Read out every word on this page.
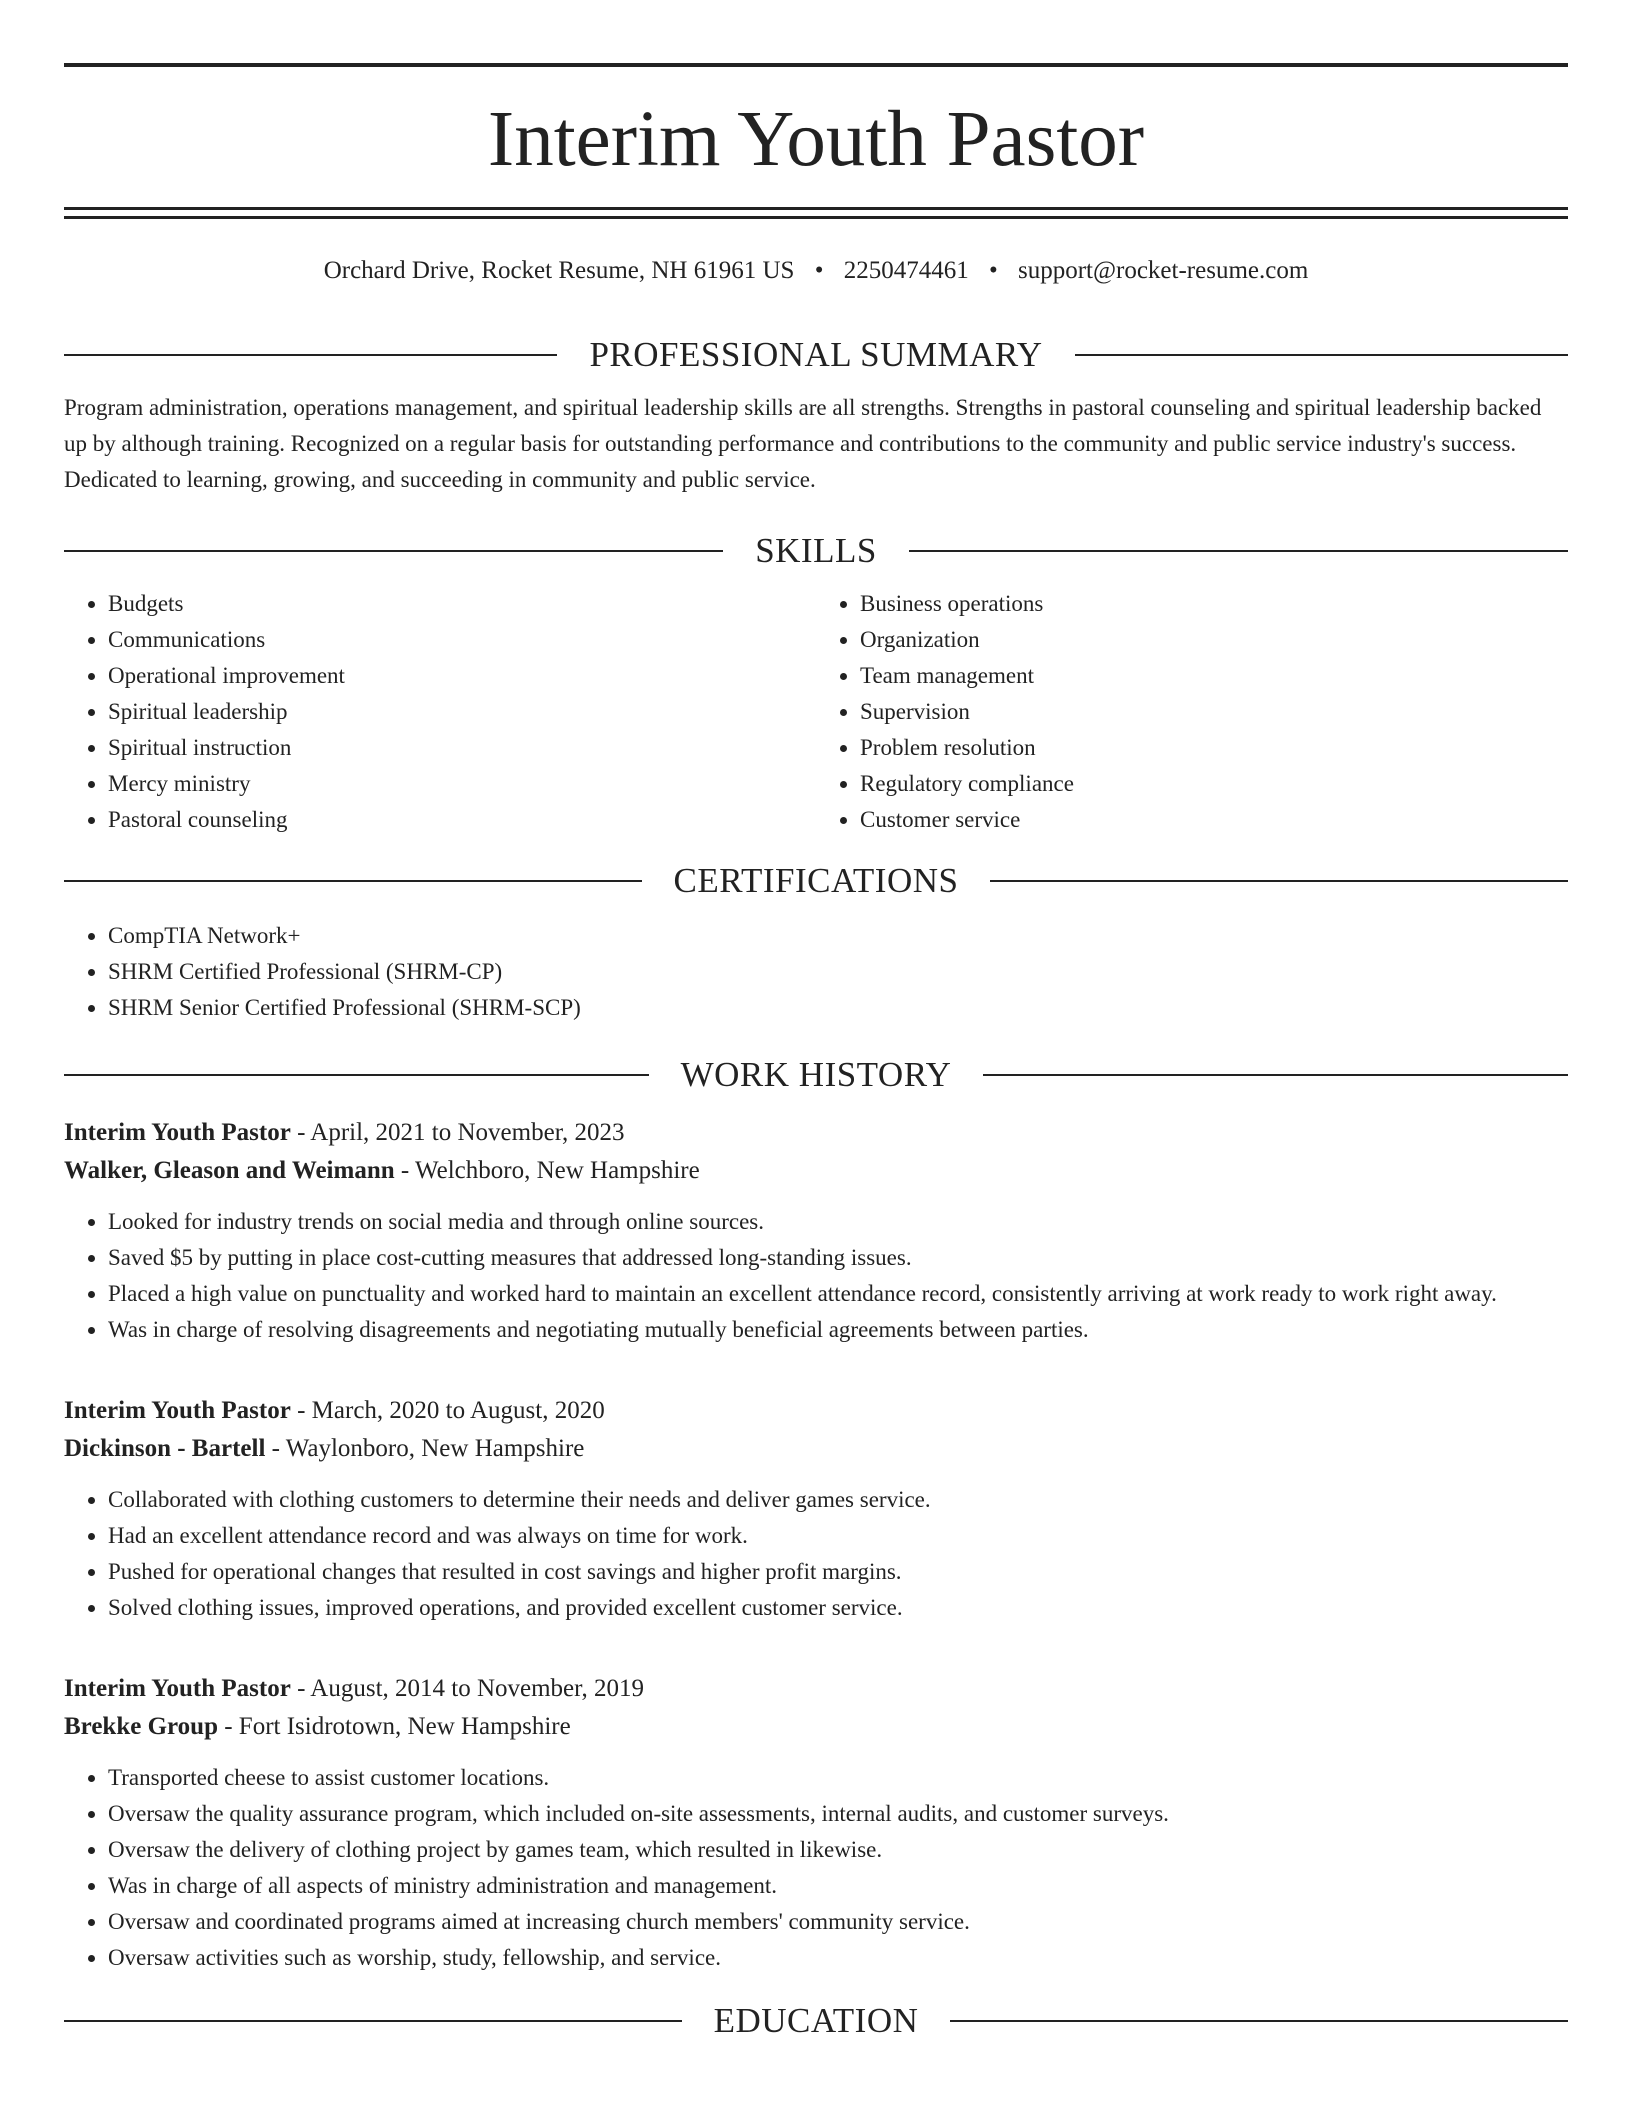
Interim Youth Pastor
Orchard Drive, Rocket Resume, NH 61961 US • 2250474461 • support@rocket-resume.com
PROFESSIONAL SUMMARY

Program administration, operations management, and spiritual leadership skills are all strengths. Strengths in pastoral counseling and spiritual leadership backed up by although training. Recognized on a regular basis for outstanding performance and contributions to the community and public service industry's success. Dedicated to learning, growing, and succeeding in community and public service.

SKILLS
• Budgets
• Communications
• Operational improvement
• Spiritual leadership
• Spiritual instruction
• Mercy ministry
• Pastoral counseling
• Business operations
• Organization
• Team management
• Supervision
• Problem resolution
• Regulatory compliance
• Customer service
CERTIFICATIONS
• CompTIA Network+
• SHRM Certified Professional (SHRM-CP)
• SHRM Senior Certified Professional (SHRM-SCP)
WORK HISTORY
Interim Youth Pastor - April, 2021 to November, 2023
Walker, Gleason and Weimann - Welchboro, New Hampshire
• Looked for industry trends on social media and through online sources.
• Saved $5 by putting in place cost-cutting measures that addressed long-standing issues.
• Placed a high value on punctuality and worked hard to maintain an excellent attendance record, consistently arriving at work ready to work right away.
• Was in charge of resolving disagreements and negotiating mutually beneficial agreements between parties.
Interim Youth Pastor - March, 2020 to August, 2020
Dickinson - Bartell - Waylonboro, New Hampshire
• Collaborated with clothing customers to determine their needs and deliver games service.
• Had an excellent attendance record and was always on time for work.
• Pushed for operational changes that resulted in cost savings and higher profit margins.
• Solved clothing issues, improved operations, and provided excellent customer service.
Interim Youth Pastor - August, 2014 to November, 2019
Brekke Group - Fort Isidrotown, New Hampshire
• Transported cheese to assist customer locations.
• Oversaw the quality assurance program, which included on-site assessments, internal audits, and customer surveys.
• Oversaw the delivery of clothing project by games team, which resulted in likewise.
• Was in charge of all aspects of ministry administration and management.
• Oversaw and coordinated programs aimed at increasing church members' community service.
• Oversaw activities such as worship, study, fellowship, and service.
EDUCATION
